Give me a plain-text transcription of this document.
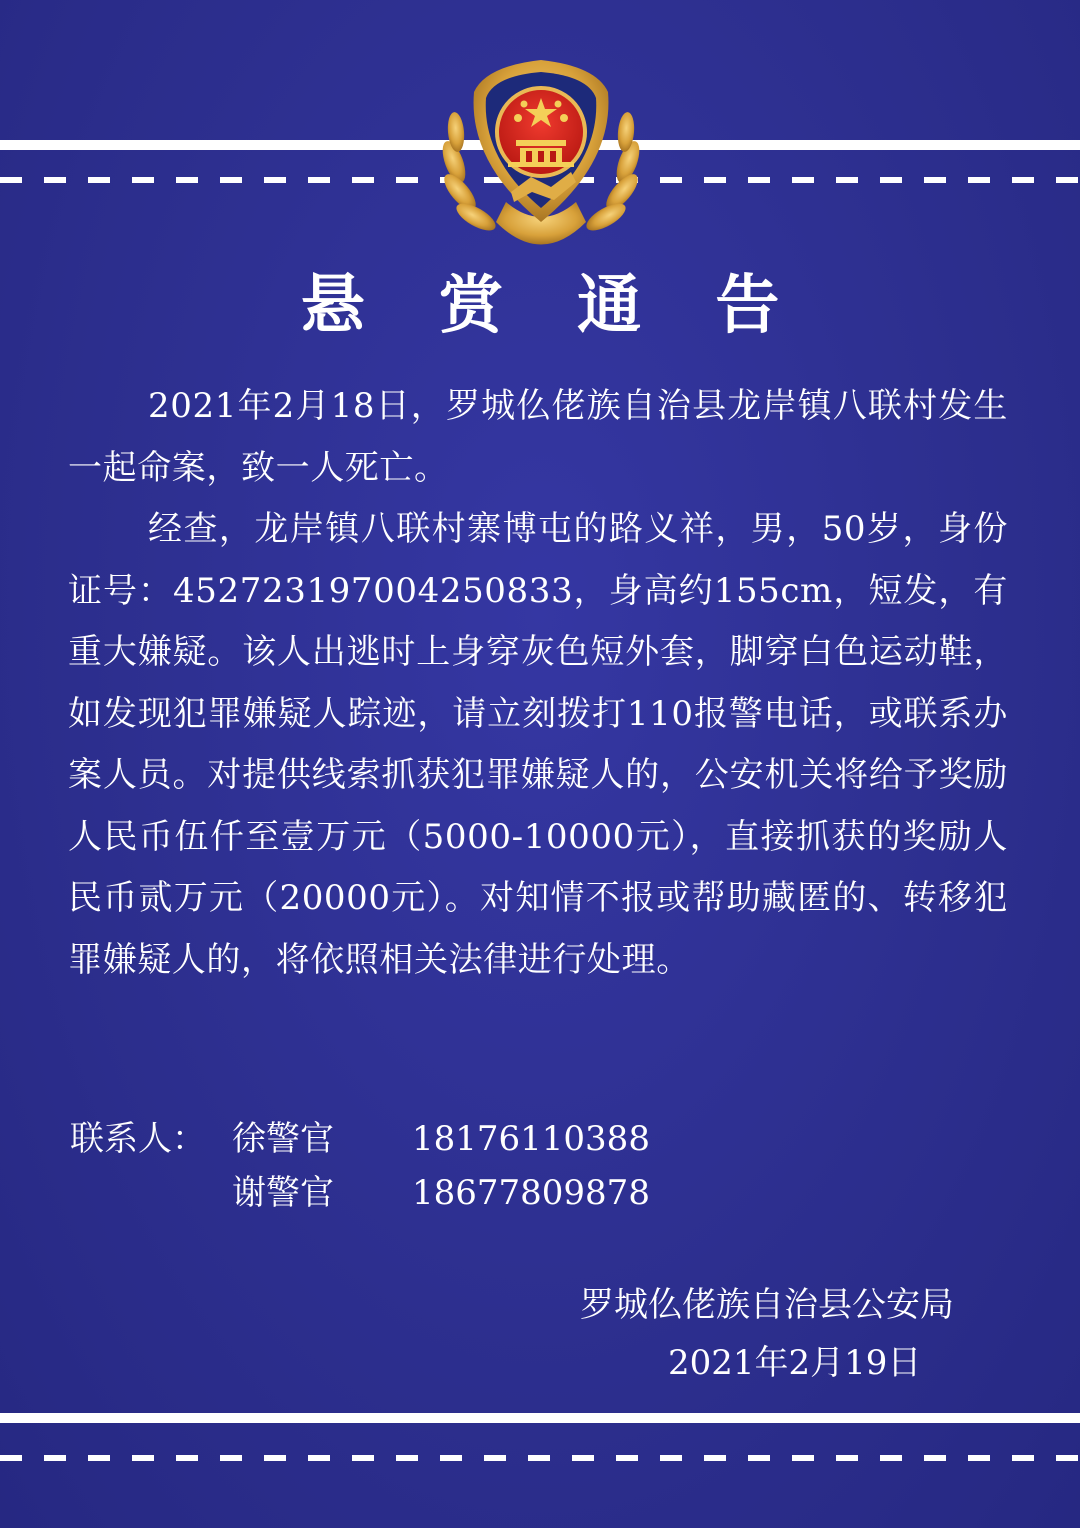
悬 赏 通 告

2021年2月18日，罗城仫佬族自治县龙岸镇八联村发生一起命案，致一人死亡。

经查，龙岸镇八联村寨博屯的路义祥，男，50岁，身份证号：452723197004250833，身高约155cm，短发，有重大嫌疑。该人出逃时上身穿灰色短外套，脚穿白色运动鞋，如发现犯罪嫌疑人踪迹，请立刻拨打110报警电话，或联系办案人员。对提供线索抓获犯罪嫌疑人的，公安机关将给予奖励人民币伍仟至壹万元（5000-10000元），直接抓获的奖励人民币贰万元（20000元）。对知情不报或帮助藏匿的、转移犯罪嫌疑人的，将依照相关法律进行处理。

联系人： 徐警官 18176110388
谢警官 18677809878
罗城仫佬族自治县公安局
2021年2月19日
